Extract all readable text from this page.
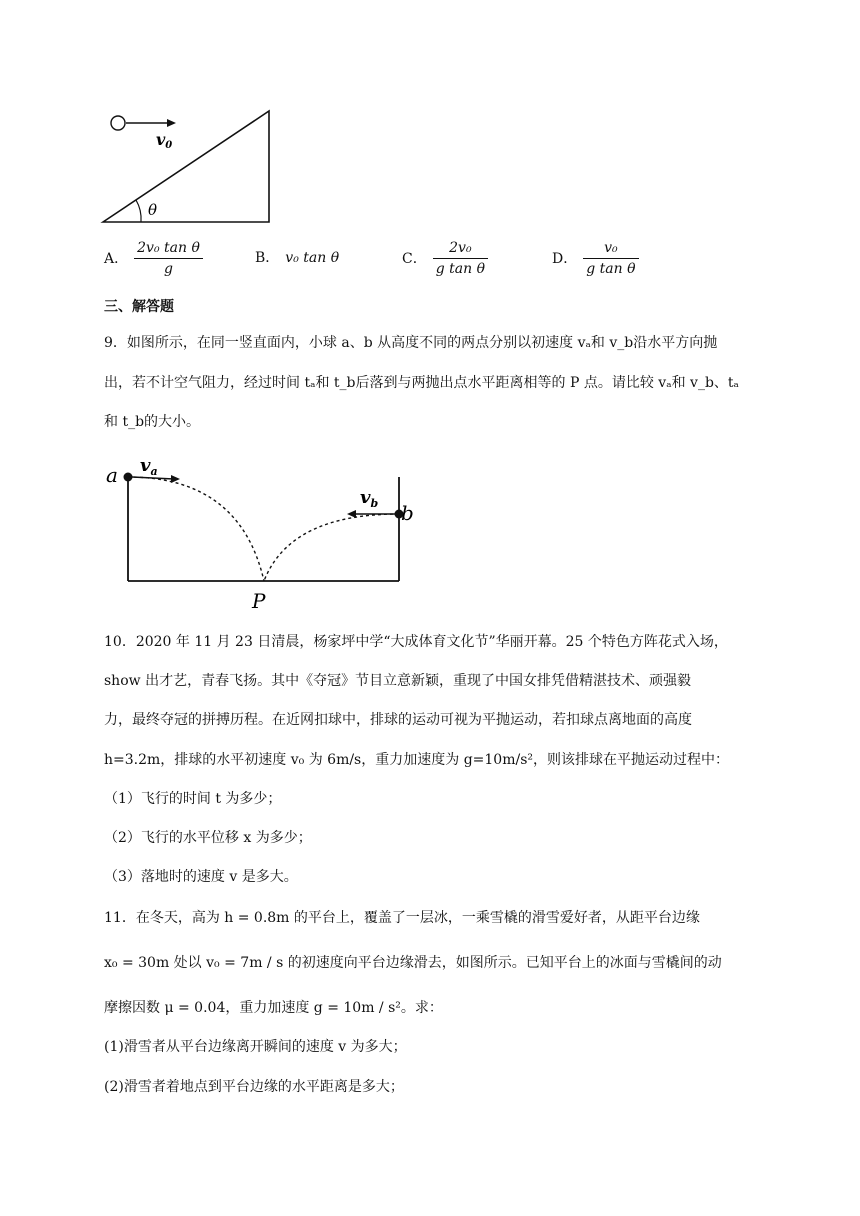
v0
θ
A． $\frac{\text{2v₀ tan θ}}{g}$	B． v₀ tan θ	C． $\frac{\text{2v₀}}{\text{g tan θ}}$	D． $\frac{\text{v₀}}{\text{g tan θ}}$
三、解答题
9．如图所示，在同一竖直面内，小球 a、b 从高度不同的两点分别以初速度 vₐ和 v_b沿水平方向抛
出，若不计空气阻力，经过时间 tₐ和 t_b后落到与两抛出点水平距离相等的 P 点。请比较 vₐ和 v_b、tₐ
和 t_b的大小。
a
b
$v_a$
$v_b$
P
10．2020 年 11 月 23 日清晨，杨家坪中学“大成体育文化节”华丽开幕。25 个特色方阵花式入场，
show 出才艺，青春飞扬。其中《夺冠》节目立意新颖，重现了中国女排凭借精湛技术、顽强毅
力，最终夺冠的拼搏历程。在近网扣球中，排球的运动可视为平抛运动，若扣球点离地面的高度
h=3.2m，排球的水平初速度 v₀ 为 6m/s，重力加速度为 g=10m/s²，则该排球在平抛运动过程中：
（1）飞行的时间 t 为多少；
（2）飞行的水平位移 x 为多少；
（3）落地时的速度 v 是多大。
11．在冬天，高为 h = 0.8m 的平台上，覆盖了一层冰，一乘雪橇的滑雪爱好者，从距平台边缘
x₀ = 30m 处以 v₀ = 7m / s 的初速度向平台边缘滑去，如图所示。已知平台上的冰面与雪橇间的动
摩擦因数 μ = 0.04，重力加速度 g = 10m / s²。求：
(1)滑雪者从平台边缘离开瞬间的速度 v 为多大；
(2)滑雪者着地点到平台边缘的水平距离是多大；
